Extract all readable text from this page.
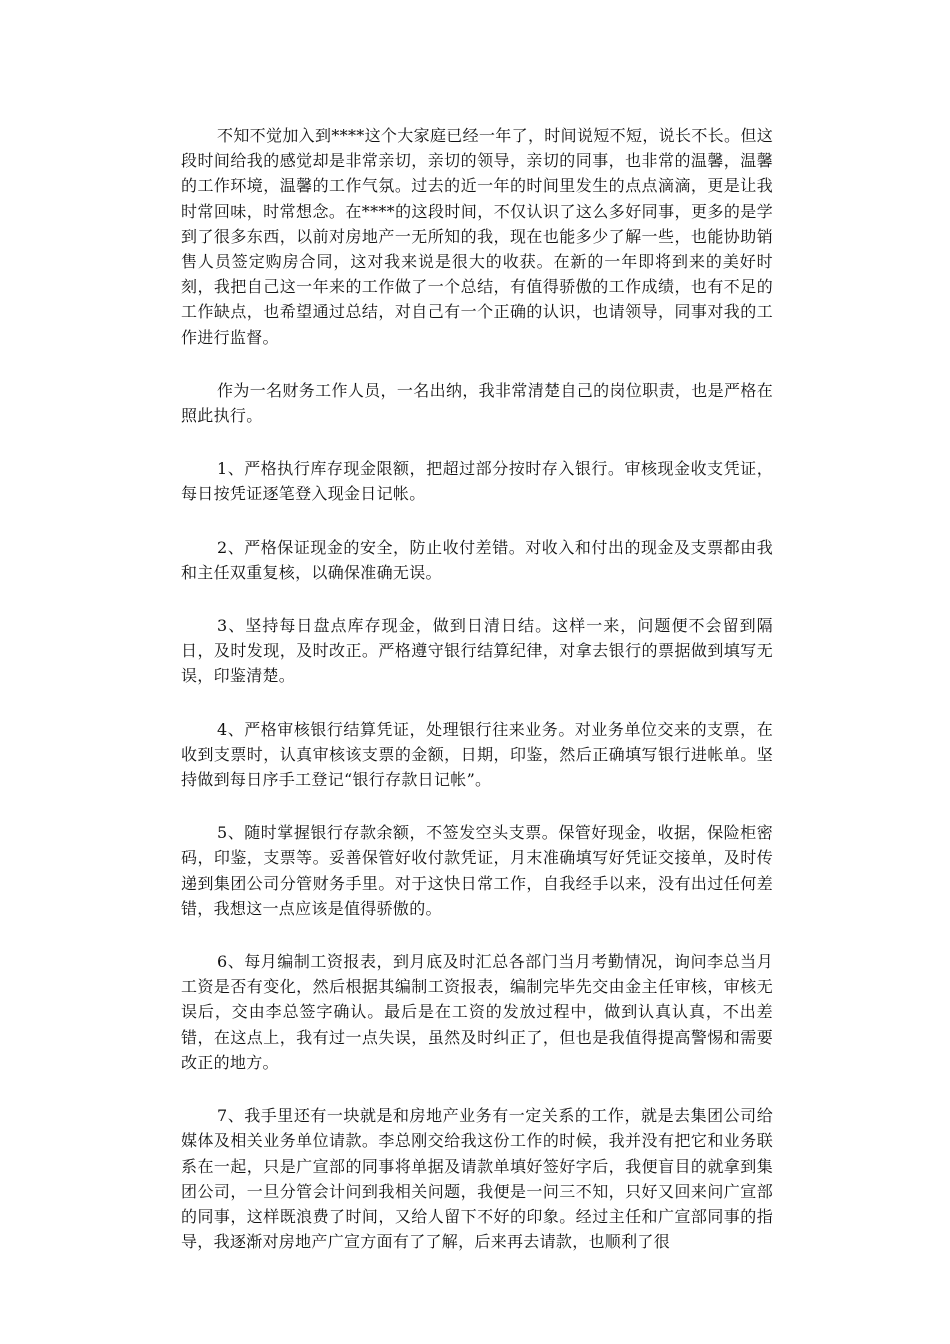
不知不觉加入到****这个大家庭已经一年了，时间说短不短，说长不长。但这段时间给我的感觉却是非常亲切，亲切的领导，亲切的同事，也非常的温馨，温馨的工作环境，温馨的工作气氛。过去的近一年的时间里发生的点点滴滴，更是让我时常回味，时常想念。在****的这段时间，不仅认识了这么多好同事，更多的是学到了很多东西，以前对房地产一无所知的我，现在也能多少了解一些，也能协助销售人员签定购房合同，这对我来说是很大的收获。在新的一年即将到来的美好时刻，我把自己这一年来的工作做了一个总结，有值得骄傲的工作成绩，也有不足的工作缺点，也希望通过总结，对自己有一个正确的认识，也请领导，同事对我的工作进行监督。

作为一名财务工作人员，一名出纳，我非常清楚自己的岗位职责，也是严格在照此执行。

1、严格执行库存现金限额，把超过部分按时存入银行。审核现金收支凭证，每日按凭证逐笔登入现金日记帐。

2、严格保证现金的安全，防止收付差错。对收入和付出的现金及支票都由我和主任双重复核，以确保准确无误。

3、坚持每日盘点库存现金，做到日清日结。这样一来，问题便不会留到隔日，及时发现，及时改正。严格遵守银行结算纪律，对拿去银行的票据做到填写无误，印鉴清楚。

4、严格审核银行结算凭证，处理银行往来业务。对业务单位交来的支票，在收到支票时，认真审核该支票的金额，日期，印鉴，然后正确填写银行进帐单。坚持做到每日序手工登记“银行存款日记帐”。

5、随时掌握银行存款余额，不签发空头支票。保管好现金，收据，保险柜密码，印鉴，支票等。妥善保管好收付款凭证，月末准确填写好凭证交接单，及时传递到集团公司分管财务手里。对于这快日常工作，自我经手以来，没有出过任何差错，我想这一点应该是值得骄傲的。

6、每月编制工资报表，到月底及时汇总各部门当月考勤情况，询问李总当月工资是否有变化，然后根据其编制工资报表，编制完毕先交由金主任审核，审核无误后，交由李总签字确认。最后是在工资的发放过程中，做到认真认真，不出差错，在这点上，我有过一点失误，虽然及时纠正了，但也是我值得提高警惕和需要改正的地方。

7、我手里还有一块就是和房地产业务有一定关系的工作，就是去集团公司给媒体及相关业务单位请款。李总刚交给我这份工作的时候，我并没有把它和业务联系在一起，只是广宣部的同事将单据及请款单填好签好字后，我便盲目的就拿到集团公司，一旦分管会计问到我相关问题，我便是一问三不知，只好又回来问广宣部的同事，这样既浪费了时间，又给人留下不好的印象。经过主任和广宣部同事的指导，我逐渐对房地产广宣方面有了了解，后来再去请款，也顺利了很
